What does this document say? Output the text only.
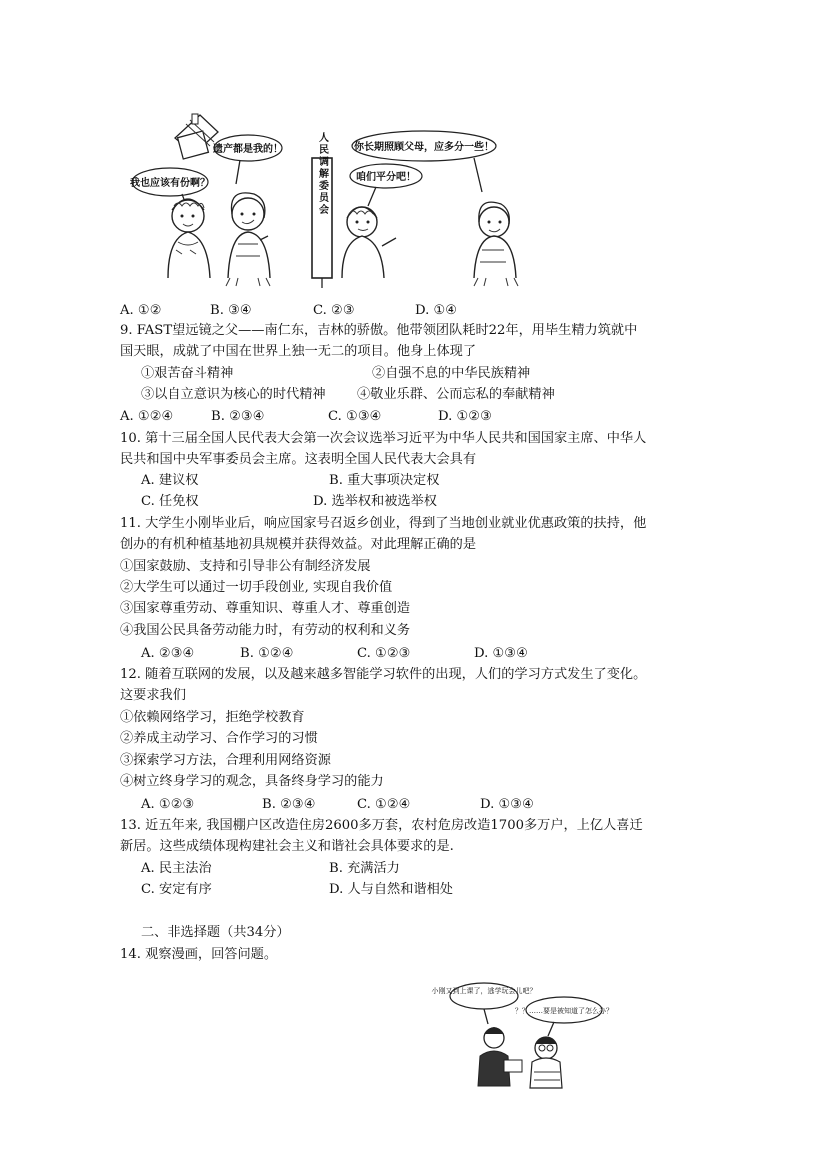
我也应该有份啊？
遗产都是我的！	人民调解委员会	你长期照顾父母，应多分一些！
咱们平分吧！
A. ①②	B. ③④	C. ②③	D. ①④
9. FAST望远镜之父——南仁东，吉林的骄傲。他带领团队耗时22年，用毕生精力筑就中
国天眼，成就了中国在世界上独一无二的项目。他身上体现了
①艰苦奋斗精神	②自强不息的中华民族精神
③以自立意识为核心的时代精神 ④敬业乐群、公而忘私的奉献精神
A. ①②④	B. ②③④	C. ①③④	D. ①②③
10. 第十三届全国人民代表大会第一次会议选举习近平为中华人民共和国国家主席、中华人
民共和国中央军事委员会主席。这表明全国人民代表大会具有
A. 建议权	B. 重大事项决定权
C. 任免权	D. 选举权和被选举权
11. 大学生小刚毕业后，响应国家号召返乡创业，得到了当地创业就业优惠政策的扶持，他
创办的有机种植基地初具规模并获得效益。对此理解正确的是
①国家鼓励、支持和引导非公有制经济发展
②大学生可以通过一切手段创业, 实现自我价值
③国家尊重劳动、尊重知识、尊重人才、尊重创造
④我国公民具备劳动能力时，有劳动的权利和义务
A. ②③④	B. ①②④	C. ①②③	D. ①③④
12. 随着互联网的发展，以及越来越多智能学习软件的出现，人们的学习方式发生了变化。
这要求我们
①依赖网络学习，拒绝学校教育
②养成主动学习、合作学习的习惯
③探索学习方法，合理利用网络资源
④树立终身学习的观念，具备终身学习的能力
A. ①②③	B. ②③④	C. ①②④	D. ①③④
13. 近五年来, 我国棚户区改造住房2600多万套，农村危房改造1700多万户，上亿人喜迁
新居。这些成绩体现构建社会主义和谐社会具体要求的是.
A. 民主法治	B. 充满活力
C. 安定有序	D. 人与自然和谐相处
二、非选择题（共34分）
14. 观察漫画，回答问题。
小刚又到上课了，逃学玩会儿吧？
？？……要是被知道了怎么办？
